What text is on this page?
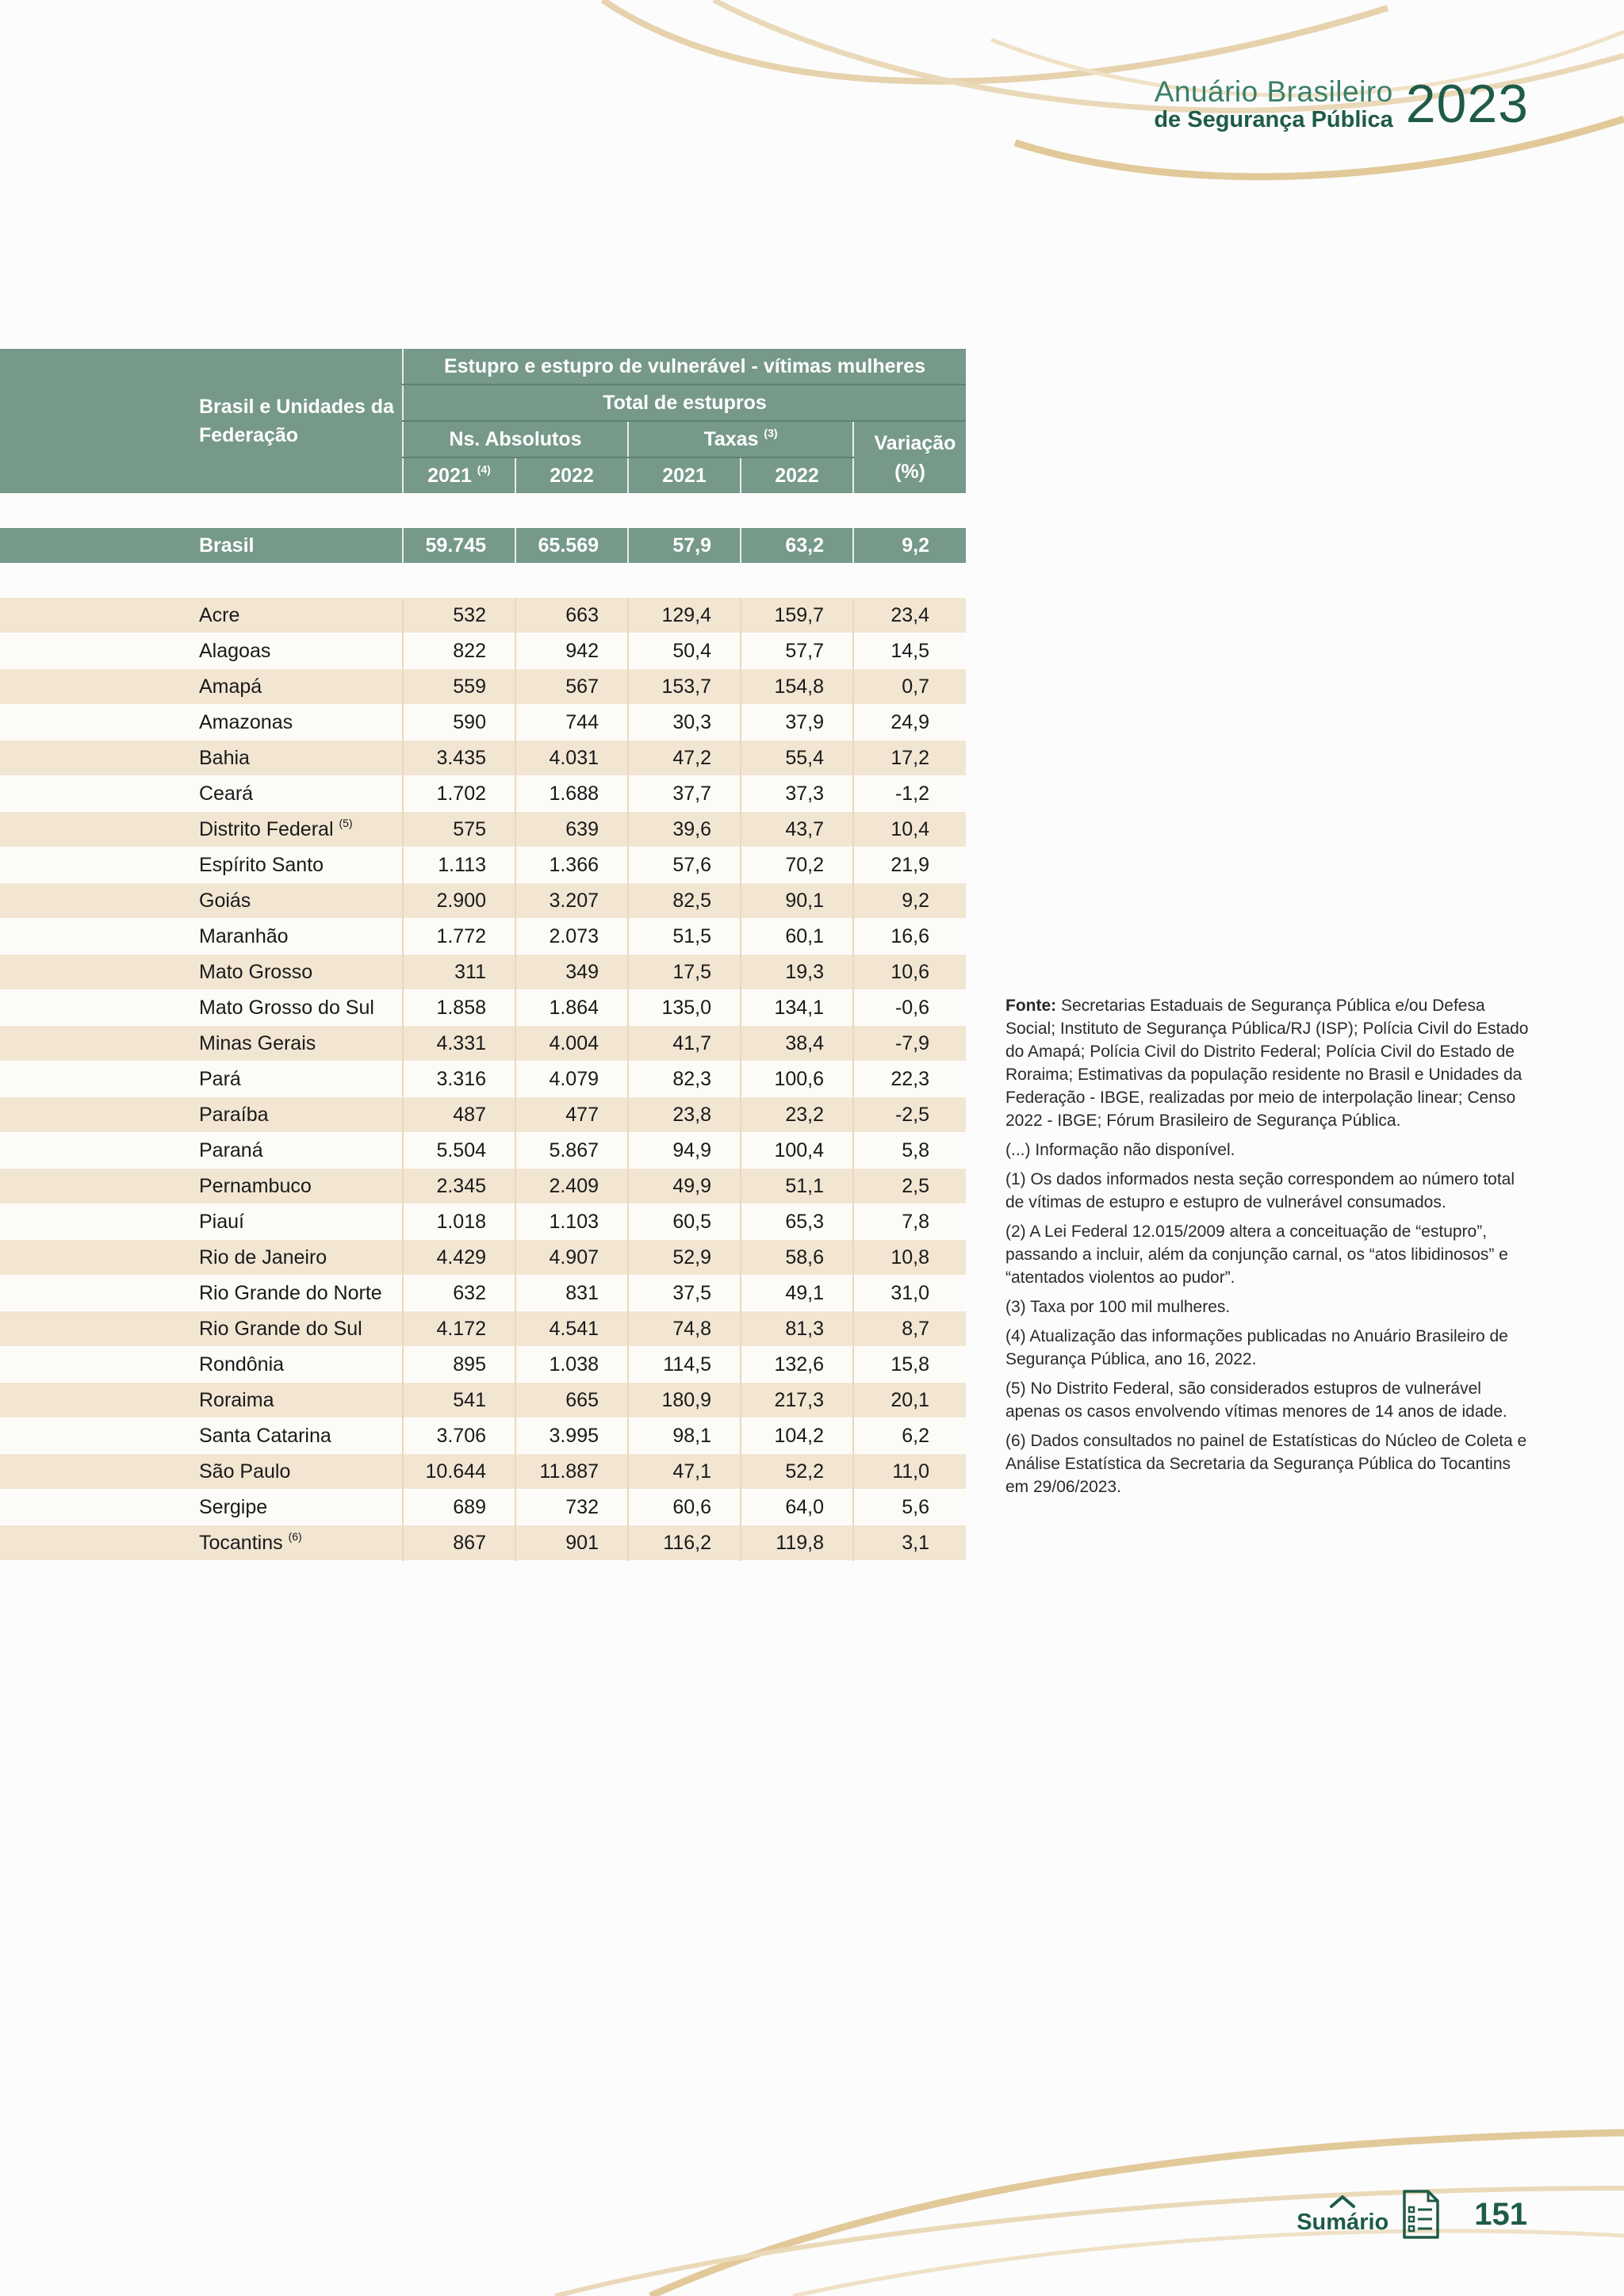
Anuário Brasileiro
de Segurança Pública 2023
Brasil e Unidades da Federação	Estupro e estupro de vulnerável - vítimas mulheres				
	Total de estupros				
	Ns. Absolutos		Taxas $^{(3)}$		Variação (%)
	2021 $^{(4)}$	2022	2021	2022	

Brasil	59.745	65.569	57,9	63,2	9,2

Acre	532	663	129,4	159,7	23,4
Alagoas	822	942	50,4	57,7	14,5
Amapá	559	567	153,7	154,8	0,7
Amazonas	590	744	30,3	37,9	24,9
Bahia	3.435	4.031	47,2	55,4	17,2
Ceará	1.702	1.688	37,7	37,3	-1,2
Distrito Federal $^{(5)}$	575	639	39,6	43,7	10,4
Espírito Santo	1.113	1.366	57,6	70,2	21,9
Goiás	2.900	3.207	82,5	90,1	9,2
Maranhão	1.772	2.073	51,5	60,1	16,6
Mato Grosso	311	349	17,5	19,3	10,6
Mato Grosso do Sul	1.858	1.864	135,0	134,1	-0,6
Minas Gerais	4.331	4.004	41,7	38,4	-7,9
Pará	3.316	4.079	82,3	100,6	22,3
Paraíba	487	477	23,8	23,2	-2,5
Paraná	5.504	5.867	94,9	100,4	5,8
Pernambuco	2.345	2.409	49,9	51,1	2,5
Piauí	1.018	1.103	60,5	65,3	7,8
Rio de Janeiro	4.429	4.907	52,9	58,6	10,8
Rio Grande do Norte	632	831	37,5	49,1	31,0
Rio Grande do Sul	4.172	4.541	74,8	81,3	8,7
Rondônia	895	1.038	114,5	132,6	15,8
Roraima	541	665	180,9	217,3	20,1
Santa Catarina	3.706	3.995	98,1	104,2	6,2
São Paulo	10.644	11.887	47,1	52,2	11,0
Sergipe	689	732	60,6	64,0	5,6
Tocantins $^{(6)}$	867	901	116,2	119,8	3,1

Fonte: Secretarias Estaduais de Segurança Pública e/ou Defesa Social; Instituto de Segurança Pública/RJ (ISP); Polícia Civil do Estado do Amapá; Polícia Civil do Distrito Federal; Polícia Civil do Estado de Roraima; Estimativas da população residente no Brasil e Unidades da Federação - IBGE, realizadas por meio de interpolação linear; Censo 2022 - IBGE; Fórum Brasileiro de Segurança Pública.

(...) Informação não disponível.

(1) Os dados informados nesta seção correspondem ao número total de vítimas de estupro e estupro de vulnerável consumados.

(2) A Lei Federal 12.015/2009 altera a conceituação de “estupro”, passando a incluir, além da conjunção carnal, os “atos libidinosos” e “atentados violentos ao pudor”.

(3) Taxa por 100 mil mulheres.

(4) Atualização das informações publicadas no Anuário Brasileiro de Segurança Pública, ano 16, 2022.

(5) No Distrito Federal, são considerados estupros de vulnerável apenas os casos envolvendo vítimas menores de 14 anos de idade.

(6) Dados consultados no painel de Estatísticas do Núcleo de Coleta e Análise Estatística da Secretaria da Segurança Pública do Tocantins em 29/06/2023.

Sumário	151
